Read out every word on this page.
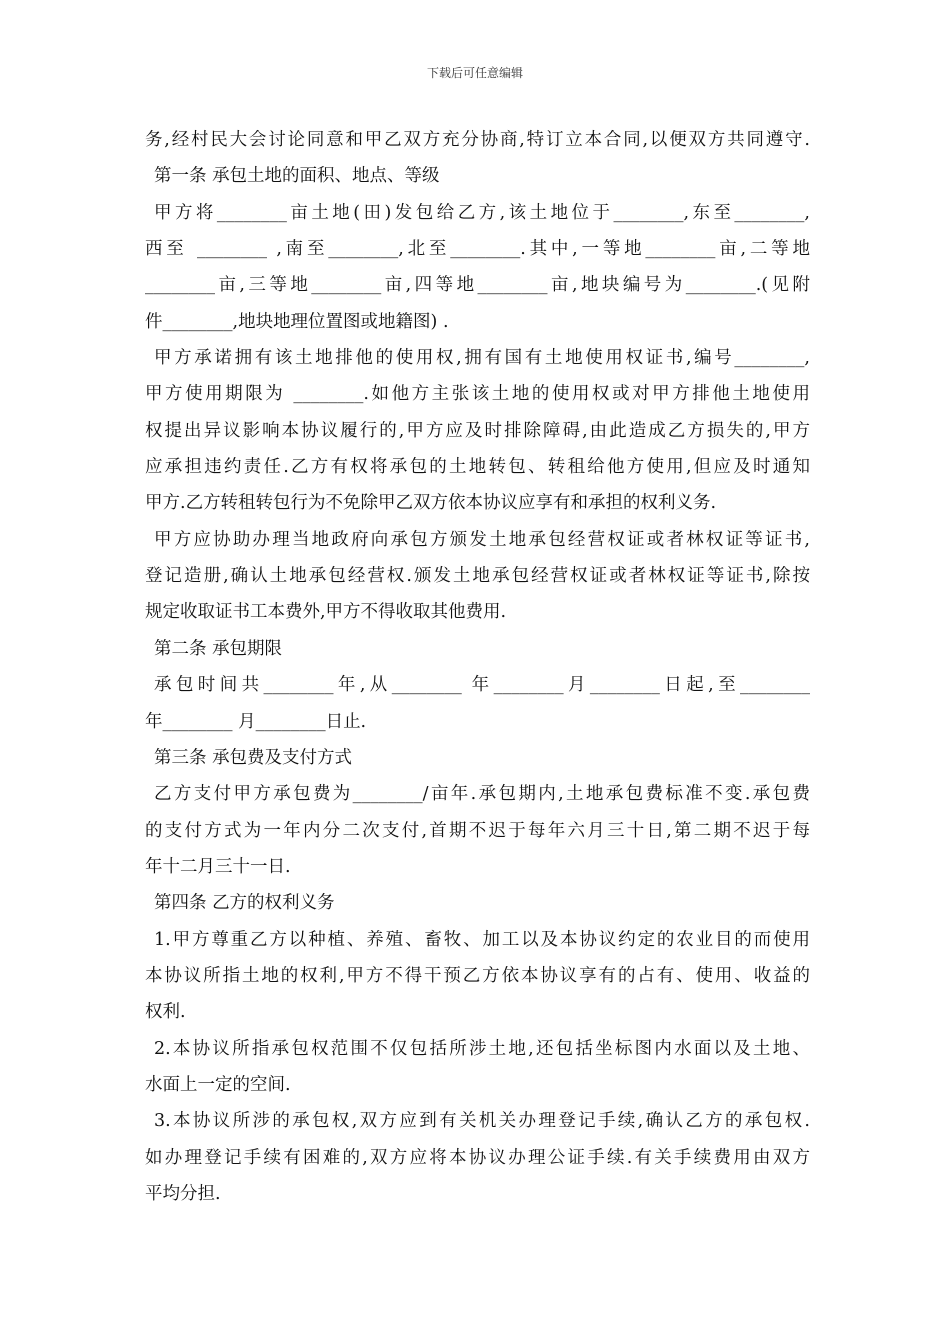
下载后可任意编辑
务,经村民大会讨论同意和甲乙双方充分协商,特订立本合同,以便双方共同遵守.
第一条 承包土地的面积、地点、等级
甲方将________亩土地(田)发包给乙方,该土地位于________,东至________,
西至 ________ ,南至________,北至________.其中,一等地________亩,二等地
________亩,三等地________亩,四等地________亩,地块编号为________.(见附
件________,地块地理位置图或地籍图) .
甲方承诺拥有该土地排他的使用权,拥有国有土地使用权证书,编号________,
甲方使用期限为 ________.如他方主张该土地的使用权或对甲方排他土地使用
权提出异议影响本协议履行的,甲方应及时排除障碍,由此造成乙方损失的,甲方
应承担违约责任.乙方有权将承包的土地转包、转租给他方使用,但应及时通知
甲方.乙方转租转包行为不免除甲乙双方依本协议应享有和承担的权利义务.
甲方应协助办理当地政府向承包方颁发土地承包经营权证或者林权证等证书,
登记造册,确认土地承包经营权.颁发土地承包经营权证或者林权证等证书,除按
规定收取证书工本费外,甲方不得收取其他费用.
第二条 承包期限
承包时间共________年,从________ 年________月________日起,至________
年________ 月________日止.
第三条 承包费及支付方式
乙方支付甲方承包费为________/亩年.承包期内,土地承包费标准不变.承包费
的支付方式为一年内分二次支付,首期不迟于每年六月三十日,第二期不迟于每
年十二月三十一日.
第四条 乙方的权利义务
1.甲方尊重乙方以种植、养殖、畜牧、加工以及本协议约定的农业目的而使用
本协议所指土地的权利,甲方不得干预乙方依本协议享有的占有、使用、收益的
权利.
2.本协议所指承包权范围不仅包括所涉土地,还包括坐标图内水面以及土地、
水面上一定的空间.
3.本协议所涉的承包权,双方应到有关机关办理登记手续,确认乙方的承包权.
如办理登记手续有困难的,双方应将本协议办理公证手续.有关手续费用由双方
平均分担.
